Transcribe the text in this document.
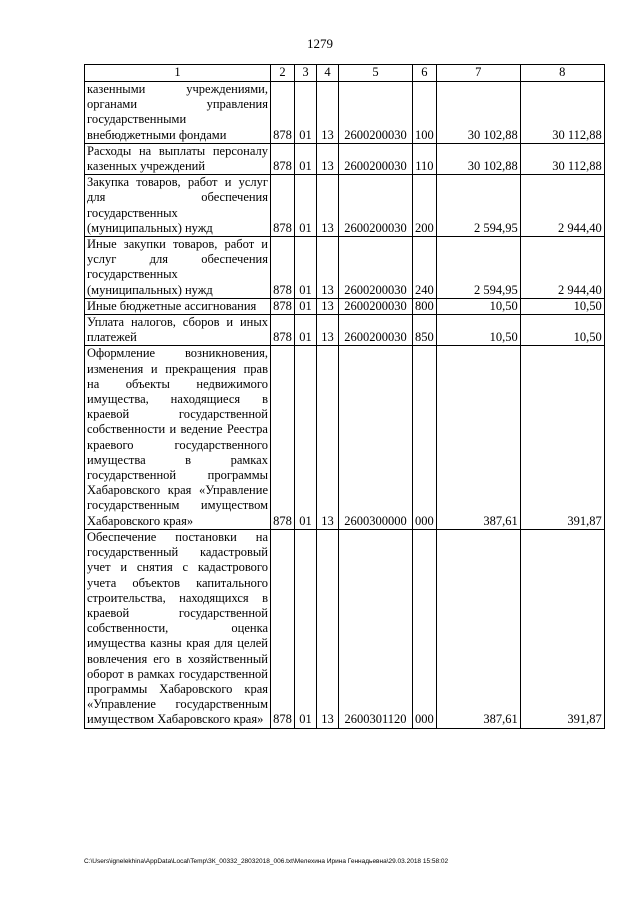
1279
1	2	3	4	5	6	7	8
казенными учреждениями, органами управления государственными внебюджетными фондами	878	01	13	2600200030	100	30 102,88	30 112,88
Расходы на выплаты персоналу казенных учреждений	878	01	13	2600200030	110	30 102,88	30 112,88
Закупка товаров, работ и услуг для обеспечения государственных (муниципальных) нужд	878	01	13	2600200030	200	2 594,95	2 944,40
Иные закупки товаров, работ и услуг для обеспечения государственных (муниципальных) нужд	878	01	13	2600200030	240	2 594,95	2 944,40
Иные бюджетные ассигнования	878	01	13	2600200030	800	10,50	10,50
Уплата налогов, сборов и иных платежей	878	01	13	2600200030	850	10,50	10,50
Оформление возникновения, изменения и прекращения прав на объекты недвижимого имущества, находящиеся в краевой государственной собственности и ведение Реестра краевого государственного имущества в рамках государственной программы Хабаровского края «Управление государственным имуществом Хабаровского края»	878	01	13	2600300000	000	387,61	391,87
Обеспечение постановки на государственный кадастровый учет и снятия с кадастрового учета объектов капитального строительства, находящихся в краевой государственной собственности, оценка имущества казны края для целей вовлечения его в хозяйственный оборот в рамках государственной программы Хабаровского края «Управление государственным имуществом Хабаровского края»	878	01	13	2600301120	000	387,61	391,87
C:\Users\ignelekhina\AppData\Local\Temp\ЗК_00332_28032018_006.txt\Мелехина Ирина Геннадьевна\29.03.2018 15:58:02
